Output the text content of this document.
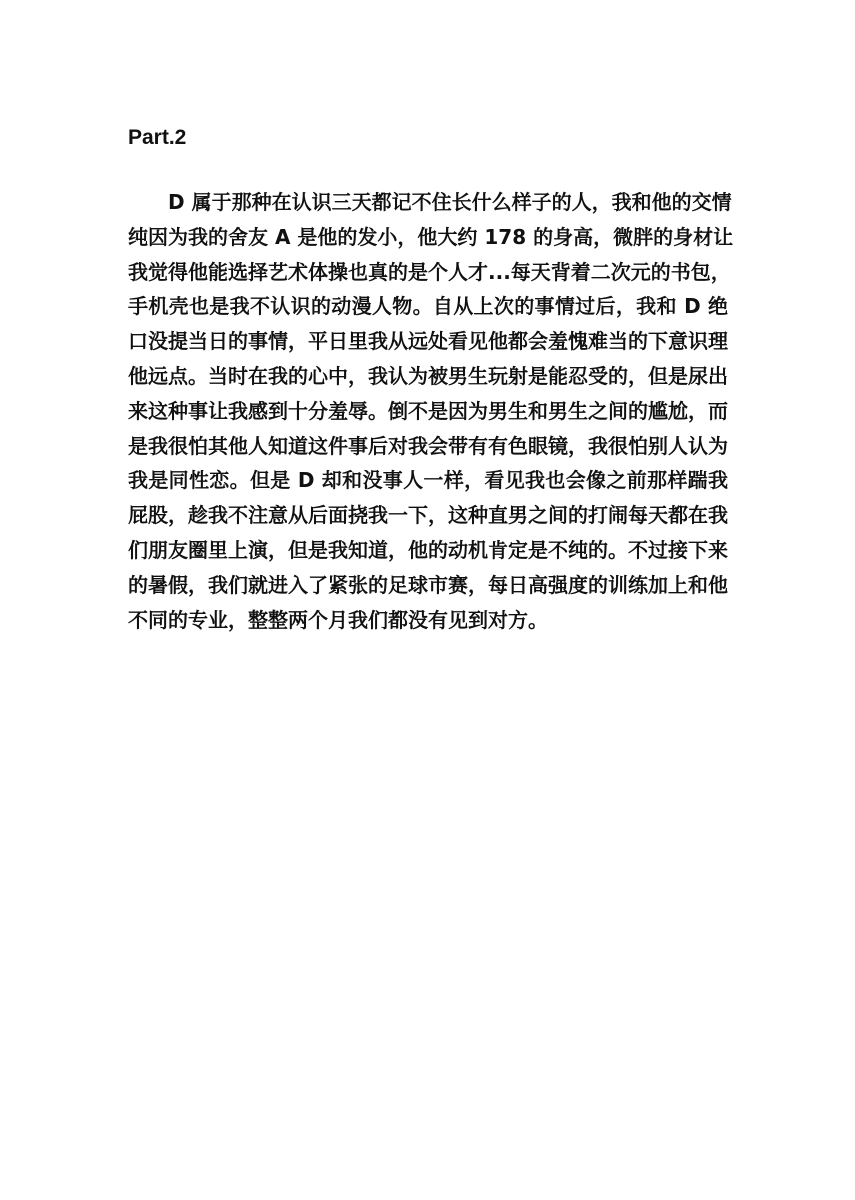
Part.2
D 属于那种在认识三天都记不住长什么样子的人，我和他的交情
纯因为我的舍友 A 是他的发小，他大约 178 的身高，微胖的身材让
我觉得他能选择艺术体操也真的是个人才...每天背着二次元的书包，
手机壳也是我不认识的动漫人物。自从上次的事情过后，我和 D 绝
口没提当日的事情，平日里我从远处看见他都会羞愧难当的下意识理
他远点。当时在我的心中，我认为被男生玩射是能忍受的，但是尿出
来这种事让我感到十分羞辱。倒不是因为男生和男生之间的尴尬，而
是我很怕其他人知道这件事后对我会带有有色眼镜，我很怕别人认为
我是同性恋。但是 D 却和没事人一样，看见我也会像之前那样踹我
屁股，趁我不注意从后面挠我一下，这种直男之间的打闹每天都在我
们朋友圈里上演，但是我知道，他的动机肯定是不纯的。不过接下来
的暑假，我们就进入了紧张的足球市赛，每日高强度的训练加上和他
不同的专业，整整两个月我们都没有见到对方。
